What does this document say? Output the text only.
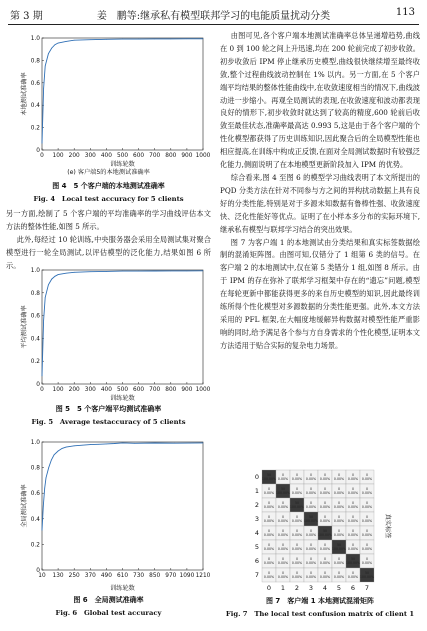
第 3 期	姜　鹏等:继承私有模型联邦学习的电能质量扰动分类	113
0 100 200 300 400 500 600 700 800 900 1000
0
0.2
0.4
0.6
0.8
1.0
训练轮数
本地测试准确率
(e) 客户端5的本地测试准确率
图 4　5 个客户端的本地测试准确率
Fig. 4　Local test accuracy for 5 clients

另一方面,绘制了 5 个客户端的平均准确率的学习曲线评估本文方法的整体性能,如图 5 所示。

此外,每经过 10 轮训练,中央服务器会采用全局测试集对聚合模型进行一轮全局测试,以评估模型的泛化能力,结果如图 6 所示。

0 100 200 300 400 500 600 700 800 900 1000
0
0.2
0.4
0.6
0.8
1.0
训练轮数
平均测试准确率
图 5　5 个客户端平均测试准确率
Fig. 5　Average testaccuracy of 5 clients
10 130 250 370 490 610 730 850 970 1090 1210
0
0.2
0.4
0.6
0.8
1.0
训练轮数
全局测试准确率
图 6　全局测试准确率
Fig. 6　Global test accuracy

由图可见,各个客户端本地测试准确率总体呈递增趋势,曲线在 0 到 100 轮之间上升迅速,均在 200 轮前完成了初步收敛。初步收敛后 IPM 停止继承历史模型,曲线很快继续增至最终收敛,整个过程曲线波动控制在 1% 以内。另一方面,在 5 个客户端平均结果的整体性能曲线中,在收敛速度相当的情况下,曲线波动进一步缩小。再观全局测试的表现,在收敛速度和波动都表现良好的情形下,初步收敛时就达到了较高的精度,600 轮前后收敛至最佳状态,准确率最高达 0.993 5,这是由于各个客户端的个性化模型都获得了历史训练知识,因此聚合后的全局模型性能也相应提高,在训练中构成正反馈,在面对全局测试数据时有较强泛化能力,侧面说明了在本地模型更新阶段加入 IPM 的优势。

综合看来,图 4 至图 6 的模型学习曲线表明了本文所提出的 PQD 分类方法在针对不同参与方之间的异构扰动数据上具有良好的分类性能,特别是对于多源未知数据有鲁棒性强、收敛速度快、泛化性能好等优点。证明了在小样本多分布的实际环境下,继承私有模型与联邦学习结合的突出效果。

图 7 为客户端 1 的本地测试由分类结果和真实标签数据绘制的混淆矩阵图。由图可知,仅错分了 1 组第 6 类的信号。在客户端 2 的本地测试中,仅在第 5 类错分 1 组,如图 8 所示。由于 IPM 的存在弥补了联邦学习框架中存在的“遗忘”问题,模型在每轮更新中都能获得更多的来自历史模型的知识,因此最终训练所得个性化模型对多源数据的分类性能更强。此外,本文方法采用的 PFL 框架,在大幅度地缓解异构数据对模型性能严重影响的同时,给予满足各个参与方自身需求的个性化模型,证明本文方法适用于贴合实际的复杂电力场景。

50
100.00%
0
0.00%
0
0.00%
0
0.00%
0
0.00%
0
0.00%
0
0.00%
0
0.00%
0
0.00%
50
100.00%
0
0.00%
0
0.00%
0
0.00%
0
0.00%
0
0.00%
0
0.00%
0
0.00%
0
0.00%
50
100.00%
0
0.00%
0
0.00%
0
0.00%
0
0.00%
0
0.00%
0
0.00%
0
0.00%
0
0.00%
50
100.00%
0
0.00%
0
0.00%
0
0.00%
0
0.00%
0
0.00%
0
0.00%
0
0.00%
0
0.00%
50
100.00%
0
0.00%
0
0.00%
0
0.00%
0
0.00%
0
0.00%
0
0.00%
0
0.00%
0
0.00%
50
100.00%
0
0.00%
0
0.00%
0
0.00%
0
0.00%
0
0.00%
0
0.00%
0
0.00%
0
0.00%
50
100.00%
0
0.00%
0
0.00%
0
0.00%
0
0.00%
0
0.00%
0
0.00%
0
0.00%
0
0.00%
50
100.00%
0
0
1
1
2
2
3
3
4
4
5
5
6
6
7
7
真实标签
图 7　客户端 1 本地测试混淆矩阵
Fig. 7　The local test confusion matrix of client 1
